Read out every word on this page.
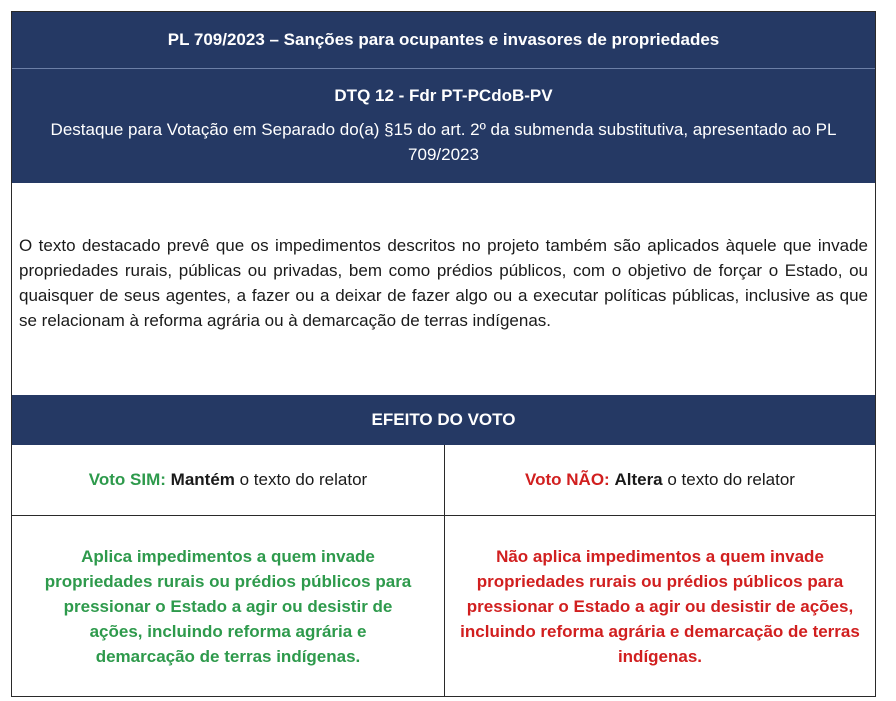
PL 709/2023 – Sanções para ocupantes e invasores de propriedades
DTQ 12 - Fdr PT-PCdoB-PV
Destaque para Votação em Separado do(a) §15 do art. 2º da submenda substitutiva, apresentado ao PL 709/2023
O texto destacado prevê que os impedimentos descritos no projeto também são aplicados àquele que invade propriedades rurais, públicas ou privadas, bem como prédios públicos, com o objetivo de forçar o Estado, ou quaisquer de seus agentes, a fazer ou a deixar de fazer algo ou a executar políticas públicas, inclusive as que se relacionam à reforma agrária ou à demarcação de terras indígenas.
EFEITO DO VOTO
Voto SIM: Mantém o texto do relator	Voto NÃO: Altera o texto do relator
Aplica impedimentos a quem invade propriedades rurais ou prédios públicos para pressionar o Estado a agir ou desistir de ações, incluindo reforma agrária e demarcação de terras indígenas.
Não aplica impedimentos a quem invade propriedades rurais ou prédios públicos para pressionar o Estado a agir ou desistir de ações, incluindo reforma agrária e demarcação de terras indígenas.
